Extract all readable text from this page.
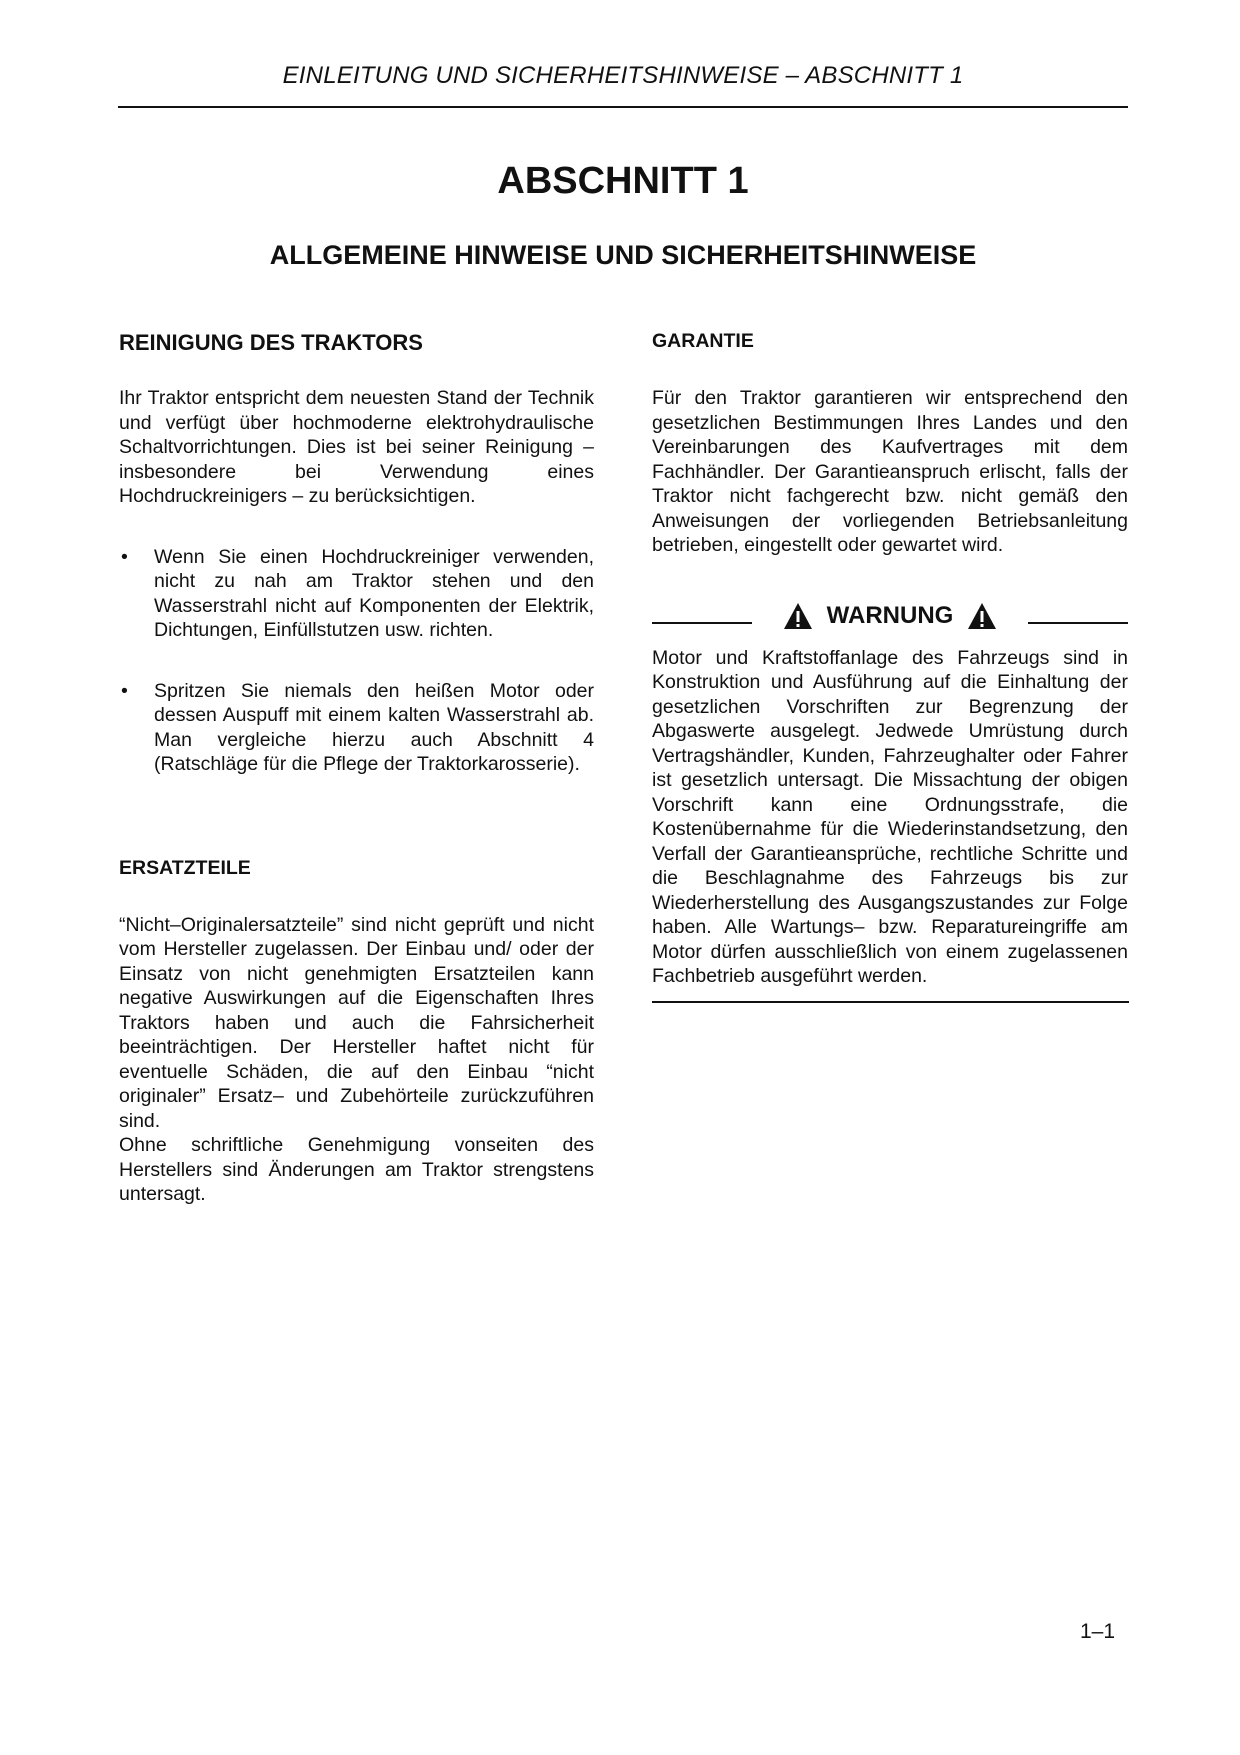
EINLEITUNG UND SICHERHEITSHINWEISE – ABSCHNITT 1
ABSCHNITT 1
ALLGEMEINE HINWEISE UND SICHERHEITSHINWEISE
REINIGUNG DES TRAKTORS

Ihr Traktor entspricht dem neuesten Stand der Technik und verfügt über hochmoderne elektrohydraulische Schaltvorrichtungen. Dies ist bei seiner Reinigung – insbesondere bei Verwendung eines Hochdruckreinigers – zu berücksichtigen.

• Wenn Sie einen Hochdruckreiniger verwenden, nicht zu nah am Traktor stehen und den Wasserstrahl nicht auf Komponenten der Elektrik, Dichtungen, Einfüllstutzen usw. richten.
• Spritzen Sie niemals den heißen Motor oder dessen Auspuff mit einem kalten Wasserstrahl ab. Man vergleiche hierzu auch Abschnitt 4 (Ratschläge für die Pflege der Traktorkarosserie).
ERSATZTEILE

“Nicht–Originalersatzteile” sind nicht geprüft und nicht vom Hersteller zugelassen. Der Einbau und/ oder der Einsatz von nicht genehmigten Ersatzteilen kann negative Auswirkungen auf die Eigenschaften Ihres Traktors haben und auch die Fahrsicherheit beeinträchtigen. Der Hersteller haftet nicht für eventuelle Schäden, die auf den Einbau “nicht originaler” Ersatz– und Zubehörteile zurückzuführen sind.

Ohne schriftliche Genehmigung vonseiten des Herstellers sind Änderungen am Traktor strengstens untersagt.

GARANTIE

Für den Traktor garantieren wir entsprechend den gesetzlichen Bestimmungen Ihres Landes und den Vereinbarungen des Kaufvertrages mit dem Fachhändler. Der Garantieanspruch erlischt, falls der Traktor nicht fachgerecht bzw. nicht gemäß den Anweisungen der vorliegenden Betriebsanleitung betrieben, eingestellt oder gewartet wird.

WARNUNG

Motor und Kraftstoffanlage des Fahrzeugs sind in Konstruktion und Ausführung auf die Einhaltung der gesetzlichen Vorschriften zur Begrenzung der Abgaswerte ausgelegt. Jedwede Umrüstung durch Vertragshändler, Kunden, Fahrzeughalter oder Fahrer ist gesetzlich untersagt. Die Missachtung der obigen Vorschrift kann eine Ordnungsstrafe, die Kostenübernahme für die Wiederinstandsetzung, den Verfall der Garantieansprüche, rechtliche Schritte und die Beschlagnahme des Fahrzeugs bis zur Wiederherstellung des Ausgangszustandes zur Folge haben. Alle Wartungs– bzw. Reparatureingriffe am Motor dürfen ausschließlich von einem zugelassenen Fachbetrieb ausgeführt werden.

1–1
